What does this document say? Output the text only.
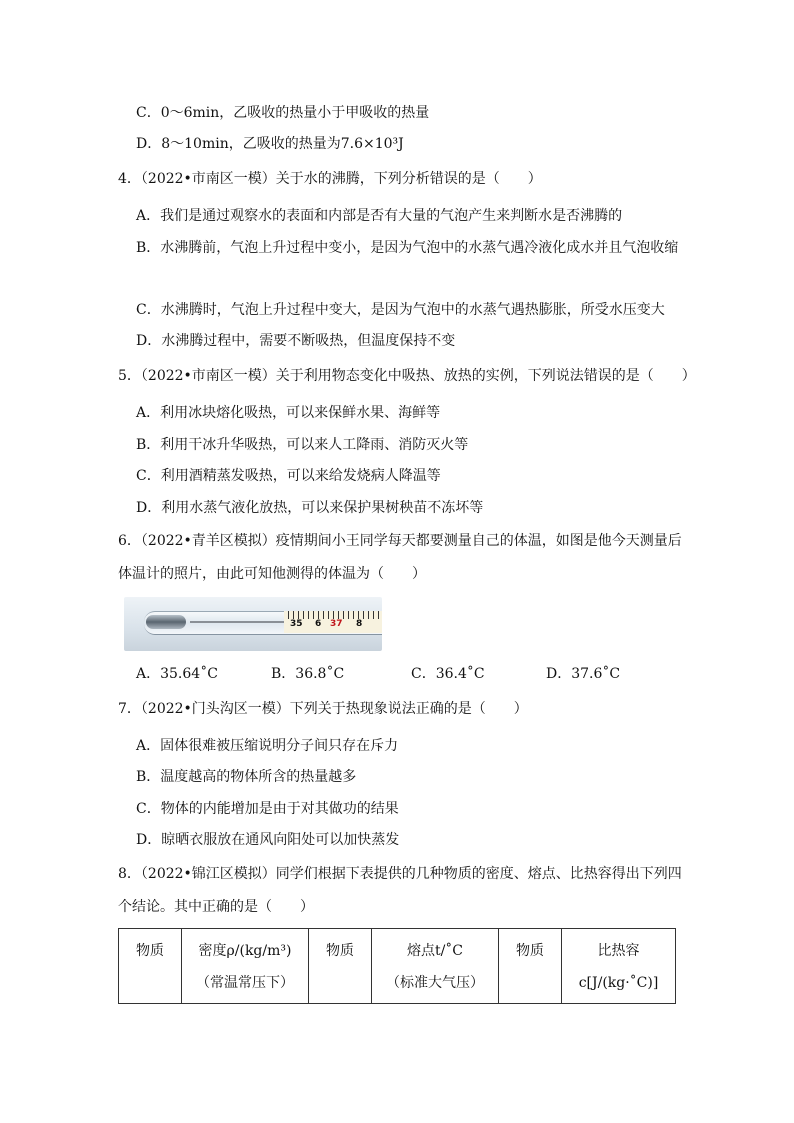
C．0～6min，乙吸收的热量小于甲吸收的热量
D．8～10min，乙吸收的热量为7.6×10³J
4．（2022•市南区一模）关于水的沸腾，下列分析错误的是（　　）
A．我们是通过观察水的表面和内部是否有大量的气泡产生来判断水是否沸腾的
B．水沸腾前，气泡上升过程中变小，是因为气泡中的水蒸气遇冷液化成水并且气泡收缩
C．水沸腾时，气泡上升过程中变大，是因为气泡中的水蒸气遇热膨胀，所受水压变大
D．水沸腾过程中，需要不断吸热，但温度保持不变
5．（2022•市南区一模）关于利用物态变化中吸热、放热的实例，下列说法错误的是（　　）
A．利用冰块熔化吸热，可以来保鲜水果、海鲜等
B．利用干冰升华吸热，可以来人工降雨、消防灭火等
C．利用酒精蒸发吸热，可以来给发烧病人降温等
D．利用水蒸气液化放热，可以来保护果树秧苗不冻坏等
6．（2022•青羊区模拟）疫情期间小王同学每天都要测量自己的体温，如图是他今天测量后
体温计的照片，由此可知他测得的体温为（　　）
35 6 37 8
A．35.64˚C	B．36.8˚C	C．36.4˚C	D．37.6˚C
7．（2022•门头沟区一模）下列关于热现象说法正确的是（　　）
A．固体很难被压缩说明分子间只存在斥力
B．温度越高的物体所含的热量越多
C．物体的内能增加是由于对其做功的结果
D．晾晒衣服放在通风向阳处可以加快蒸发
8．（2022•锦江区模拟）同学们根据下表提供的几种物质的密度、熔点、比热容得出下列四
个结论。其中正确的是（　　）
物质	密度ρ/(kg/m³)
（常温常压下）
	物质	熔点t/˚C
（标准大气压）
	物质	比热容
c[J/(kg·˚C)]
